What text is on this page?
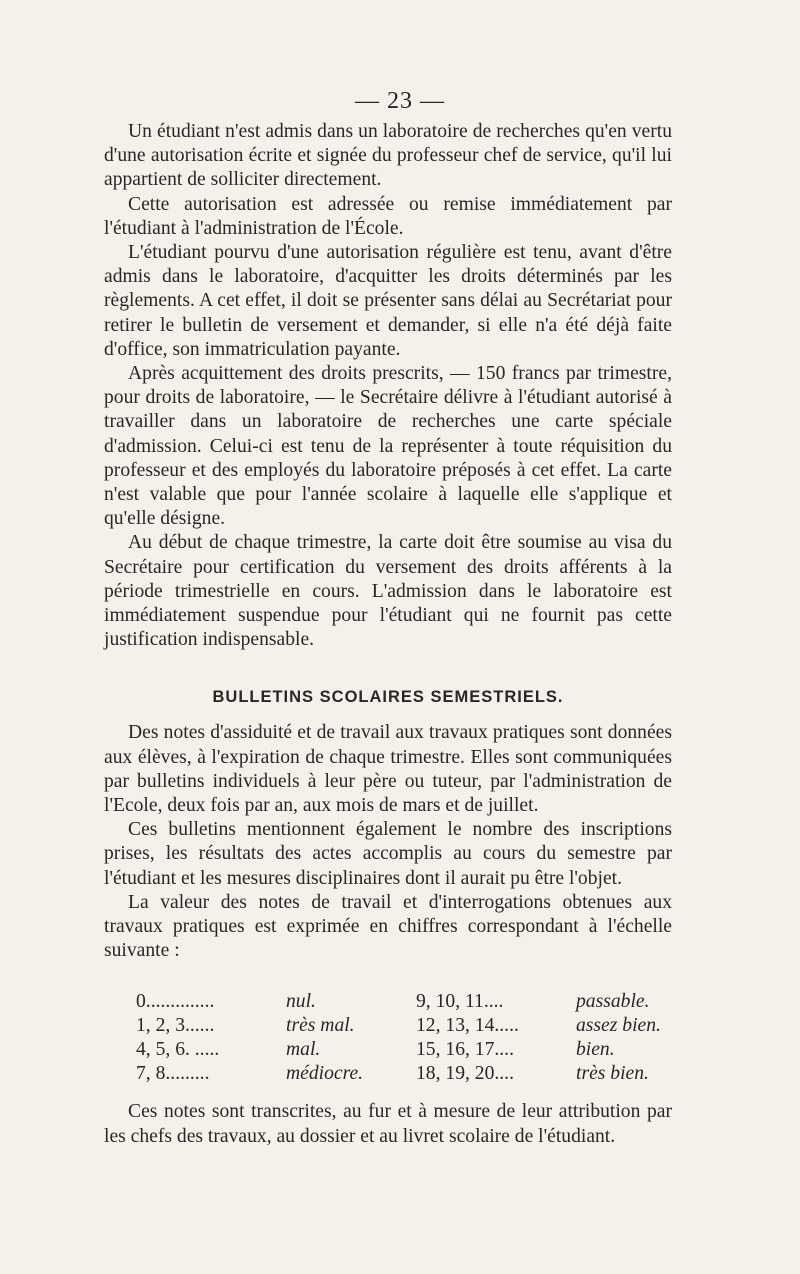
— 23 —

Un étudiant n'est admis dans un laboratoire de recherches qu'en vertu d'une autorisation écrite et signée du professeur chef de service, qu'il lui appartient de solliciter directement.

Cette autorisation est adressée ou remise immédiatement par l'étudiant à l'administration de l'École.

L'étudiant pourvu d'une autorisation régulière est tenu, avant d'être admis dans le laboratoire, d'acquitter les droits déterminés par les règlements. A cet effet, il doit se présenter sans délai au Secrétariat pour retirer le bulletin de versement et demander, si elle n'a été déjà faite d'office, son immatriculation payante.

Après acquittement des droits prescrits, — 150 francs par trimestre, pour droits de laboratoire, — le Secrétaire délivre à l'étudiant autorisé à travailler dans un laboratoire de recherches une carte spéciale d'admission. Celui-ci est tenu de la représenter à toute réquisition du professeur et des employés du laboratoire préposés à cet effet. La carte n'est valable que pour l'année scolaire à laquelle elle s'applique et qu'elle désigne.

Au début de chaque trimestre, la carte doit être soumise au visa du Secrétaire pour certification du versement des droits afférents à la période trimestrielle en cours. L'admission dans le laboratoire est immédiatement suspendue pour l'étudiant qui ne fournit pas cette justification indispensable.

BULLETINS SCOLAIRES SEMESTRIELS.

Des notes d'assiduité et de travail aux travaux pratiques sont données aux élèves, à l'expiration de chaque trimestre. Elles sont communiquées par bulletins individuels à leur père ou tuteur, par l'administration de l'Ecole, deux fois par an, aux mois de mars et de juillet.

Ces bulletins mentionnent également le nombre des inscriptions prises, les résultats des actes accomplis au cours du semestre par l'étudiant et les mesures disciplinaires dont il aurait pu être l'objet.

La valeur des notes de travail et d'interrogations obtenues aux travaux pratiques est exprimée en chiffres correspondant à l'échelle suivante :

0..............	nul.	9, 10, 11....	passable.
1, 2, 3......	très mal.	12, 13, 14.....	assez bien.
4, 5, 6. .....	mal.	15, 16, 17....	bien.
7, 8.........	médiocre.	18, 19, 20....	très bien.

Ces notes sont transcrites, au fur et à mesure de leur attribution par les chefs des travaux, au dossier et au livret scolaire de l'étudiant.
